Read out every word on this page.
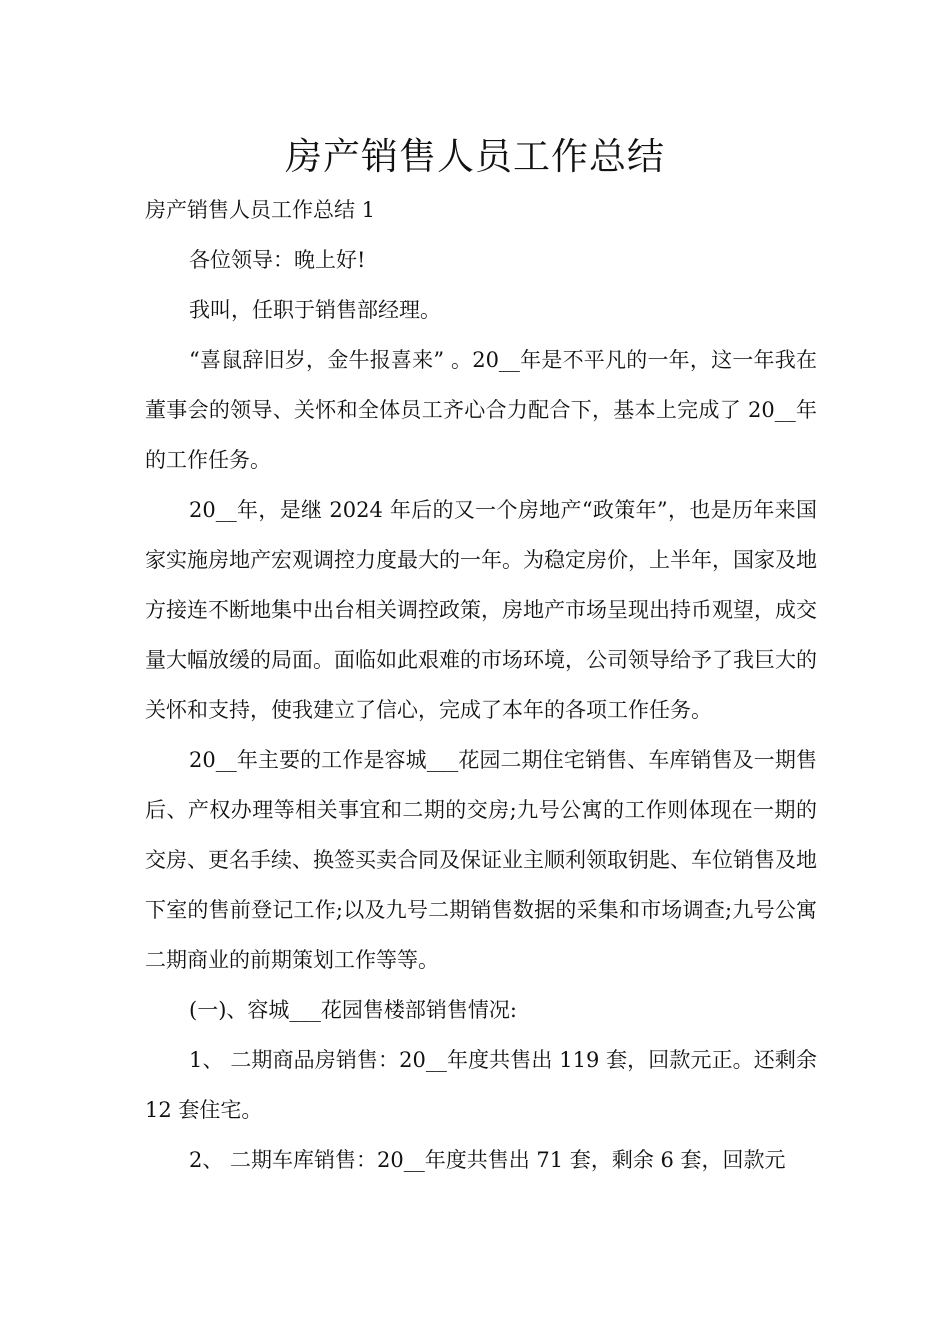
房产销售人员工作总结

房产销售人员工作总结 1

各位领导：晚上好!

我叫，任职于销售部经理。

“喜鼠辞旧岁，金牛报喜来” 。20__年是不平凡的一年，这一年我在董事会的领导、关怀和全体员工齐心合力配合下，基本上完成了 20__年的工作任务。

20__年，是继 2024 年后的又一个房地产“政策年”，也是历年来国家实施房地产宏观调控力度最大的一年。为稳定房价，上半年，国家及地方接连不断地集中出台相关调控政策，房地产市场呈现出持币观望，成交量大幅放缓的局面。面临如此艰难的市场环境，公司领导给予了我巨大的关怀和支持，使我建立了信心，完成了本年的各项工作任务。

20__年主要的工作是容城___花园二期住宅销售、车库销售及一期售后、产权办理等相关事宜和二期的交房;九号公寓的工作则体现在一期的交房、更名手续、换签买卖合同及保证业主顺利领取钥匙、车位销售及地下室的售前登记工作;以及九号二期销售数据的采集和市场调查;九号公寓二期商业的前期策划工作等等。

(一)、容城___花园售楼部销售情况:

1、 二期商品房销售：20__年度共售出 119 套，回款元正。还剩余 12 套住宅。

2、 二期车库销售：20__年度共售出 71 套，剩余 6 套，回款元
